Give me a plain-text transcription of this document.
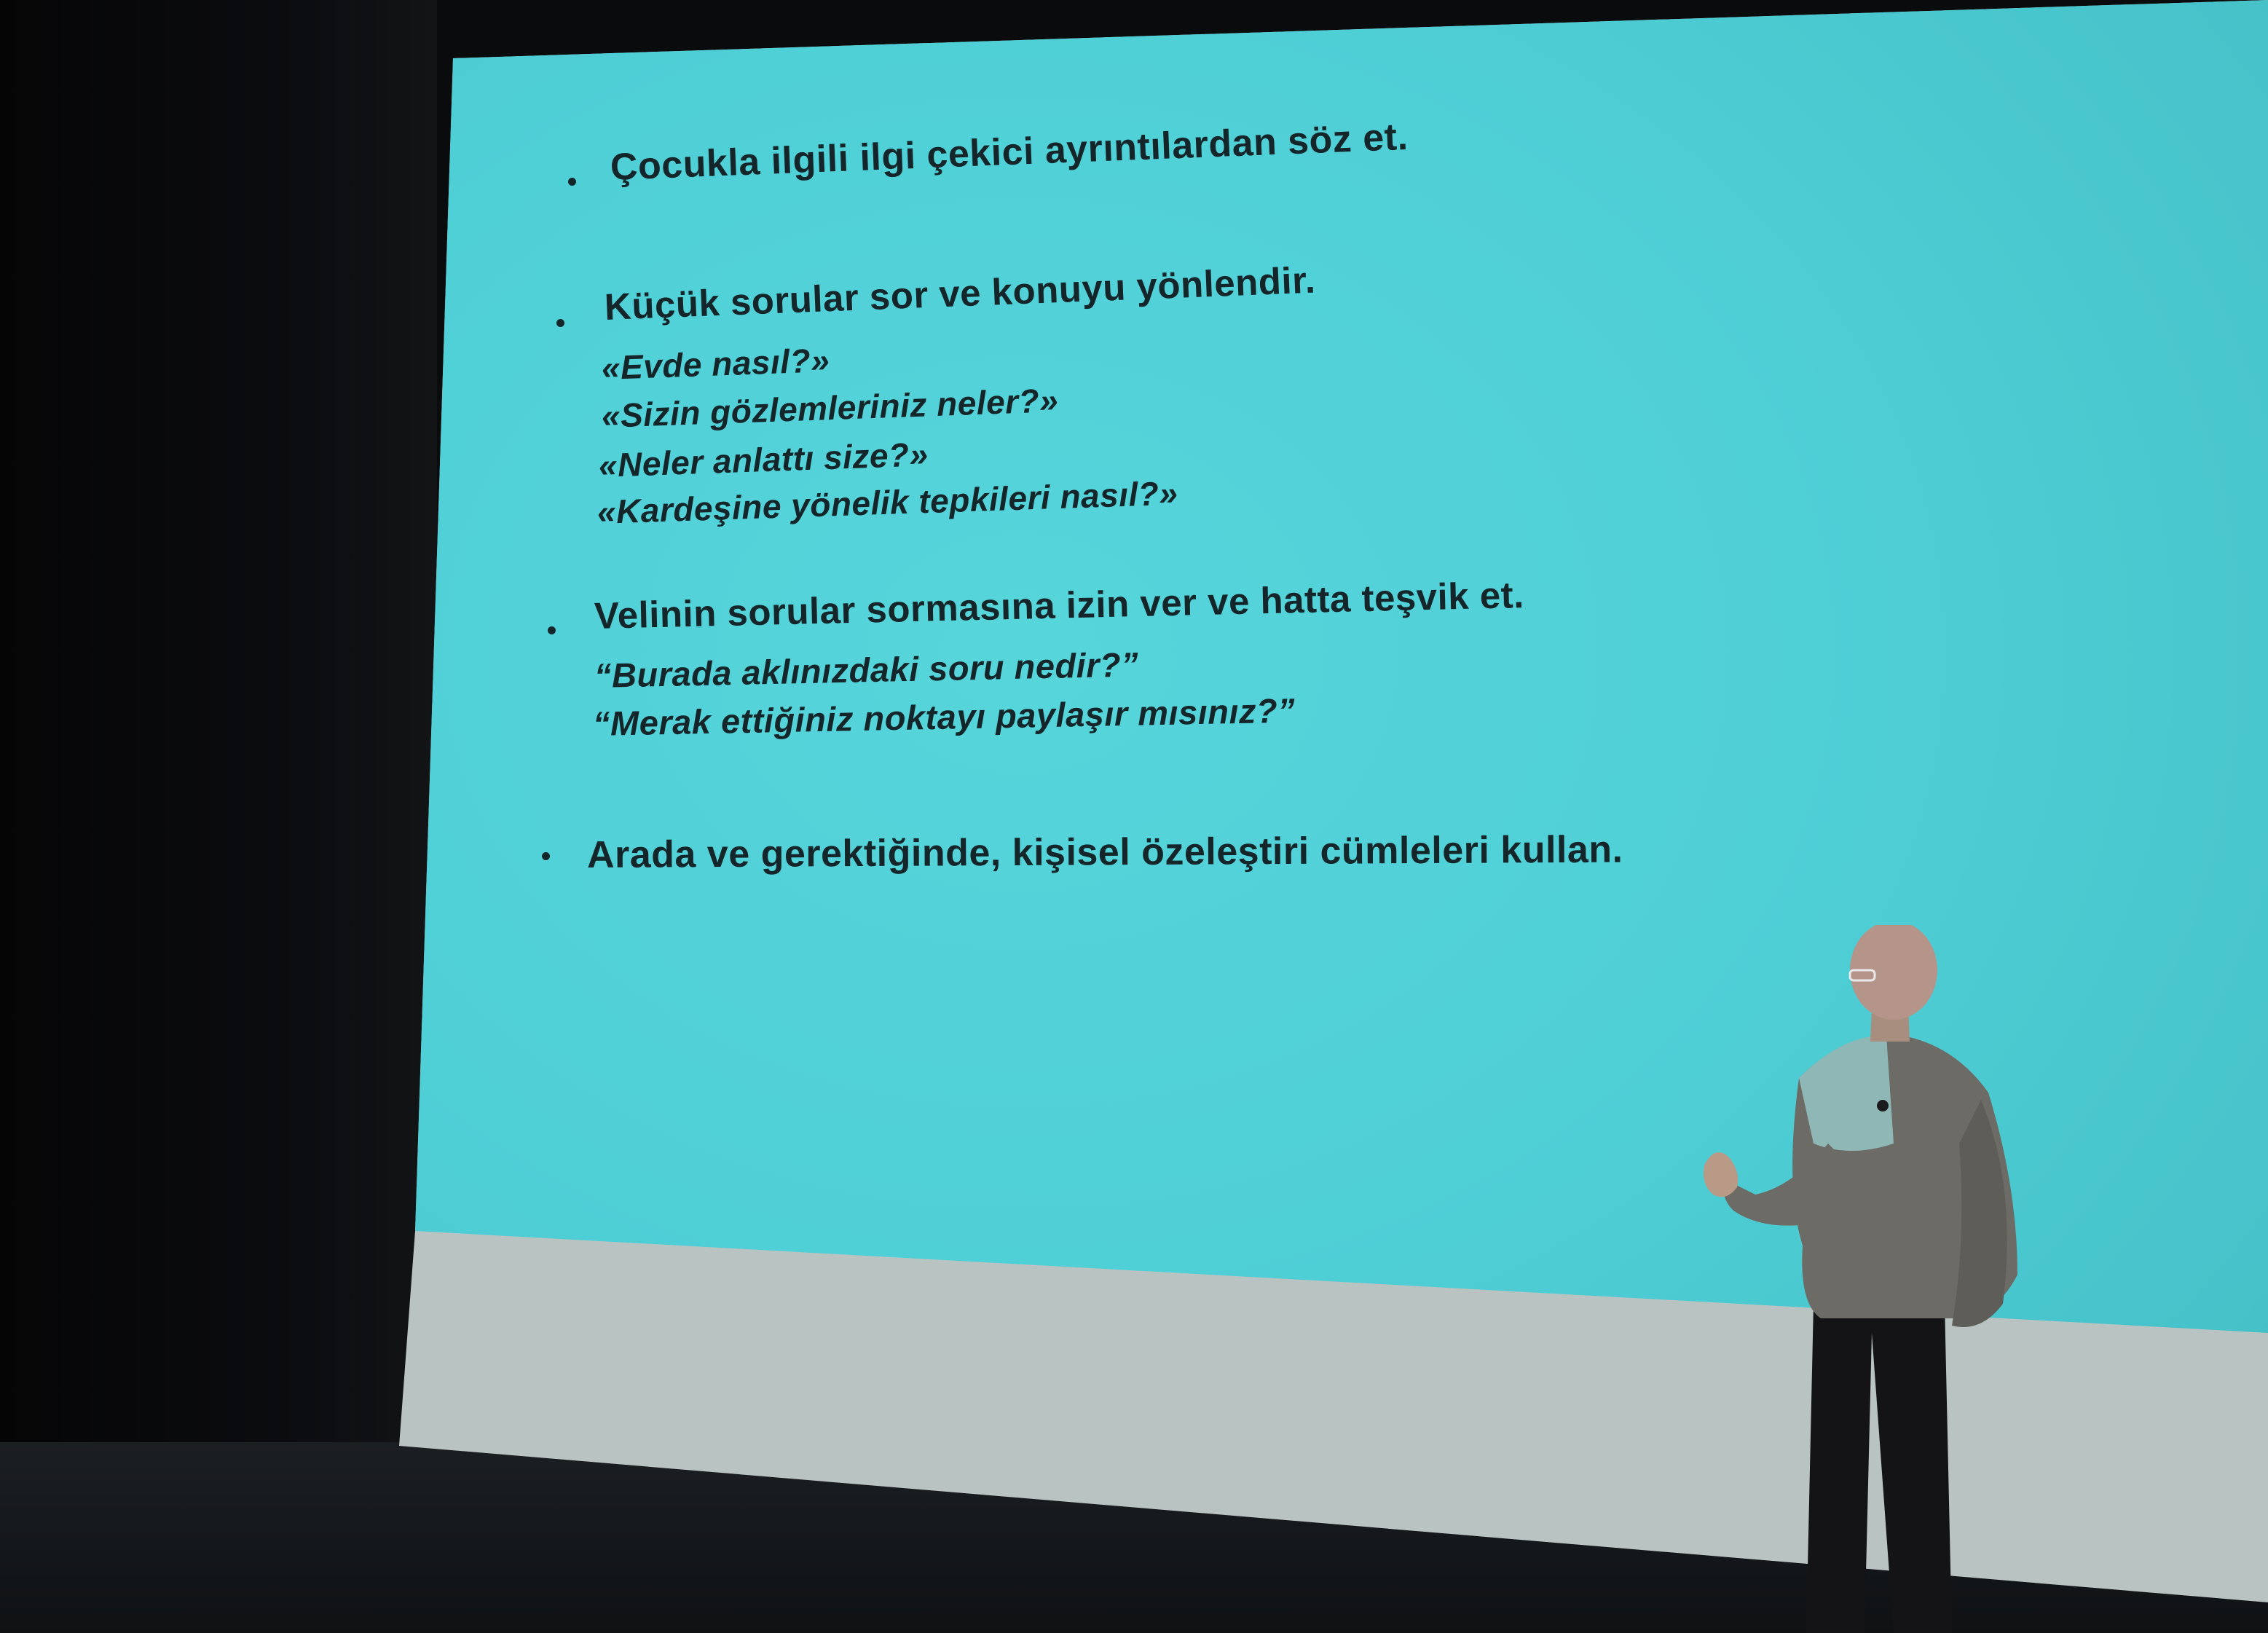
Çocukla ilgili ilgi çekici ayrıntılardan söz et.
Küçük sorular sor ve konuyu yönlendir.
«Evde nasıl?»
«Sizin gözlemleriniz neler?»
«Neler anlattı size?»
«Kardeşine yönelik tepkileri nasıl?»
Velinin sorular sormasına izin ver ve hatta teşvik et.
“Burada aklınızdaki soru nedir?”
“Merak ettiğiniz noktayı paylaşır mısınız?”
Arada ve gerektiğinde, kişisel özeleştiri cümleleri kullan.
